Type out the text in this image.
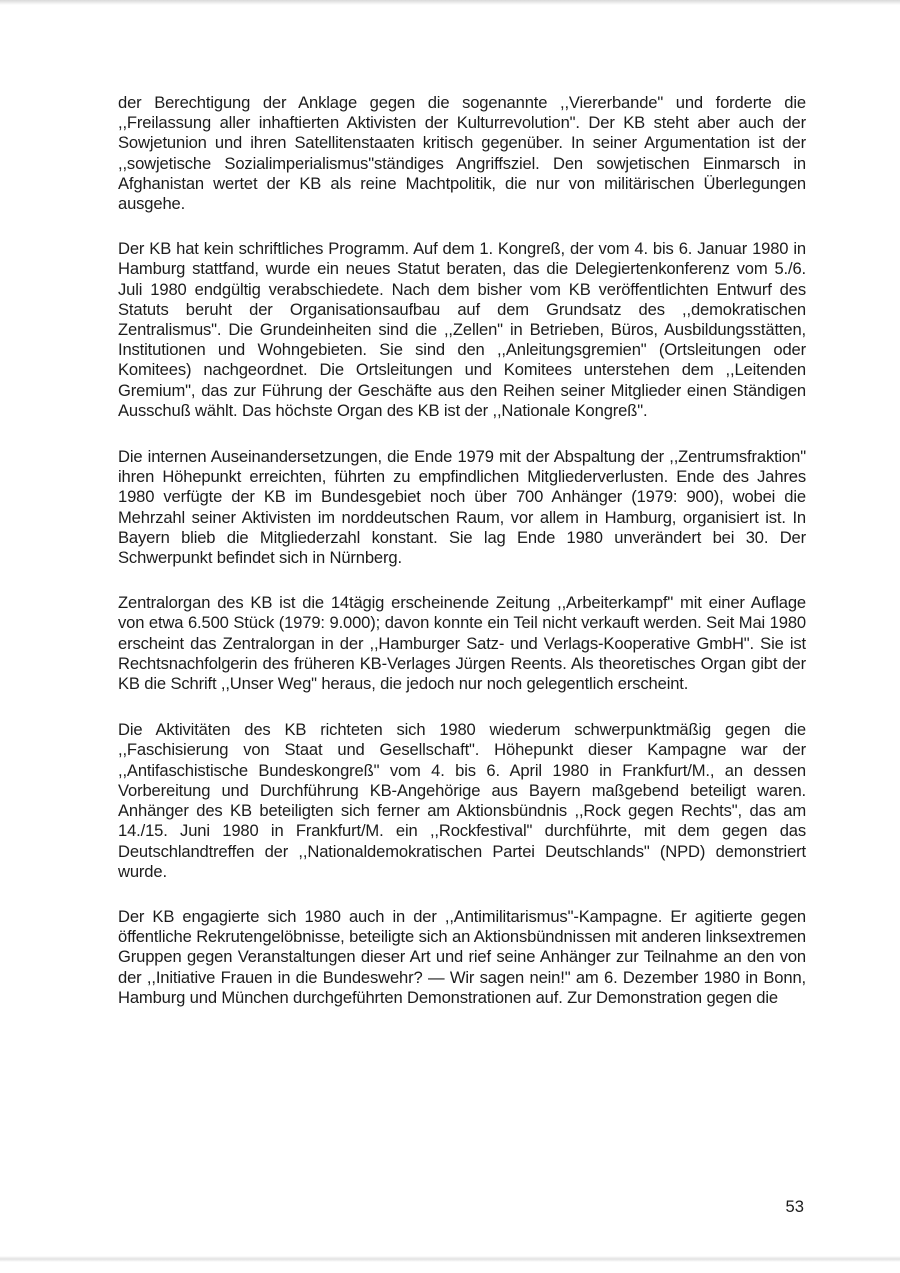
der Berechtigung der Anklage gegen die sogenannte ,,Viererbande" und forderte die ,,Freilassung aller inhaftierten Aktivisten der Kulturrevolution". Der KB steht aber auch der Sowjetunion und ihren Satellitenstaaten kritisch gegenüber. In seiner Argumentation ist der ,,sowjetische Sozialimperialismus"ständiges Angriffsziel. Den sowjetischen Einmarsch in Afghanistan wertet der KB als reine Machtpolitik, die nur von militärischen Überlegungen ausgehe.

Der KB hat kein schriftliches Programm. Auf dem 1. Kongreß, der vom 4. bis 6. Januar 1980 in Hamburg stattfand, wurde ein neues Statut beraten, das die Delegiertenkonferenz vom 5./6. Juli 1980 endgültig verabschiedete. Nach dem bisher vom KB veröffentlichten Entwurf des Statuts beruht der Organisationsaufbau auf dem Grundsatz des ,,demokratischen Zentralismus". Die Grundeinheiten sind die ,,Zellen" in Betrieben, Büros, Ausbildungsstätten, Institutionen und Wohngebieten. Sie sind den ,,Anleitungsgremien" (Ortsleitungen oder Komitees) nachgeordnet. Die Ortsleitungen und Komitees unterstehen dem ,,Leitenden Gremium", das zur Führung der Geschäfte aus den Reihen seiner Mitglieder einen Ständigen Ausschuß wählt. Das höchste Organ des KB ist der ,,Nationale Kongreß".

Die internen Auseinandersetzungen, die Ende 1979 mit der Abspaltung der ,,Zentrumsfraktion" ihren Höhepunkt erreichten, führten zu empfindlichen Mitgliederverlusten. Ende des Jahres 1980 verfügte der KB im Bundesgebiet noch über 700 Anhänger (1979: 900), wobei die Mehrzahl seiner Aktivisten im norddeutschen Raum, vor allem in Hamburg, organisiert ist. In Bayern blieb die Mitgliederzahl konstant. Sie lag Ende 1980 unverändert bei 30. Der Schwerpunkt befindet sich in Nürnberg.

Zentralorgan des KB ist die 14tägig erscheinende Zeitung ,,Arbeiterkampf" mit einer Auflage von etwa 6.500 Stück (1979: 9.000); davon konnte ein Teil nicht verkauft werden. Seit Mai 1980 erscheint das Zentralorgan in der ,,Hamburger Satz- und Verlags-Kooperative GmbH". Sie ist Rechtsnachfolgerin des früheren KB-Verlages Jürgen Reents. Als theoretisches Organ gibt der KB die Schrift ,,Unser Weg" heraus, die jedoch nur noch gelegentlich erscheint.

Die Aktivitäten des KB richteten sich 1980 wiederum schwerpunktmäßig gegen die ,,Faschisierung von Staat und Gesellschaft". Höhepunkt dieser Kampagne war der ,,Antifaschistische Bundeskongreß" vom 4. bis 6. April 1980 in Frankfurt/M., an dessen Vorbereitung und Durchführung KB-Angehörige aus Bayern maßgebend beteiligt waren. Anhänger des KB beteiligten sich ferner am Aktionsbündnis ,,Rock gegen Rechts", das am 14./15. Juni 1980 in Frankfurt/M. ein ,,Rockfestival" durchführte, mit dem gegen das Deutschlandtreffen der ,,Nationaldemokratischen Partei Deutschlands" (NPD) demonstriert wurde.

Der KB engagierte sich 1980 auch in der ,,Antimilitarismus"-Kampagne. Er agitierte gegen öffentliche Rekrutengelöbnisse, beteiligte sich an Aktionsbündnissen mit anderen linksextremen Gruppen gegen Veranstaltungen dieser Art und rief seine Anhänger zur Teilnahme an den von der ,,Initiative Frauen in die Bundeswehr? — Wir sagen nein!" am 6. Dezember 1980 in Bonn, Hamburg und München durchgeführten Demonstrationen auf. Zur Demonstration gegen die

53
